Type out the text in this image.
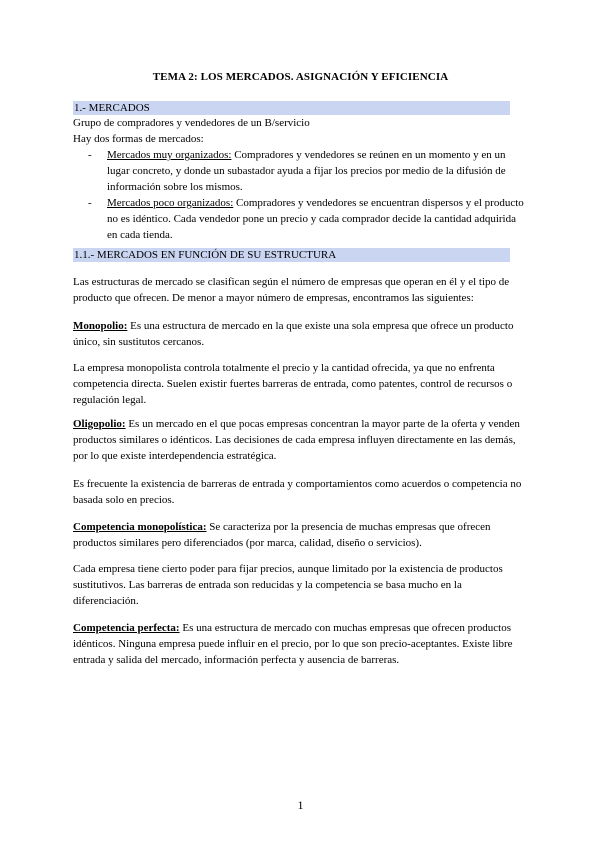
TEMA 2: LOS MERCADOS. ASIGNACIÓN Y EFICIENCIA
1.- MERCADOS

Grupo de compradores y vendedores de un B/servicio

Hay dos formas de mercados:

- Mercados muy organizados: Compradores y vendedores se reúnen en un momento y en un lugar concreto, y donde un subastador ayuda a fijar los precios por medio de la difusión de información sobre los mismos.
- Mercados poco organizados: Compradores y vendedores se encuentran dispersos y el producto no es idéntico. Cada vendedor pone un precio y cada comprador decide la cantidad adquirida en cada tienda.
1.1.- MERCADOS EN FUNCIÓN DE SU ESTRUCTURA

Las estructuras de mercado se clasifican según el número de empresas que operan en él y el tipo de producto que ofrecen. De menor a mayor número de empresas, encontramos las siguientes:

Monopolio: Es una estructura de mercado en la que existe una sola empresa que ofrece un producto único, sin sustitutos cercanos.

La empresa monopolista controla totalmente el precio y la cantidad ofrecida, ya que no enfrenta competencia directa. Suelen existir fuertes barreras de entrada, como patentes, control de recursos o regulación legal.

Oligopolio: Es un mercado en el que pocas empresas concentran la mayor parte de la oferta y venden productos similares o idénticos. Las decisiones de cada empresa influyen directamente en las demás, por lo que existe interdependencia estratégica.

Es frecuente la existencia de barreras de entrada y comportamientos como acuerdos o competencia no basada solo en precios.

Competencia monopolística: Se caracteriza por la presencia de muchas empresas que ofrecen productos similares pero diferenciados (por marca, calidad, diseño o servicios).

Cada empresa tiene cierto poder para fijar precios, aunque limitado por la existencia de productos sustitutivos. Las barreras de entrada son reducidas y la competencia se basa mucho en la diferenciación.

Competencia perfecta: Es una estructura de mercado con muchas empresas que ofrecen productos idénticos. Ninguna empresa puede influir en el precio, por lo que son precio-aceptantes. Existe libre entrada y salida del mercado, información perfecta y ausencia de barreras.

1
